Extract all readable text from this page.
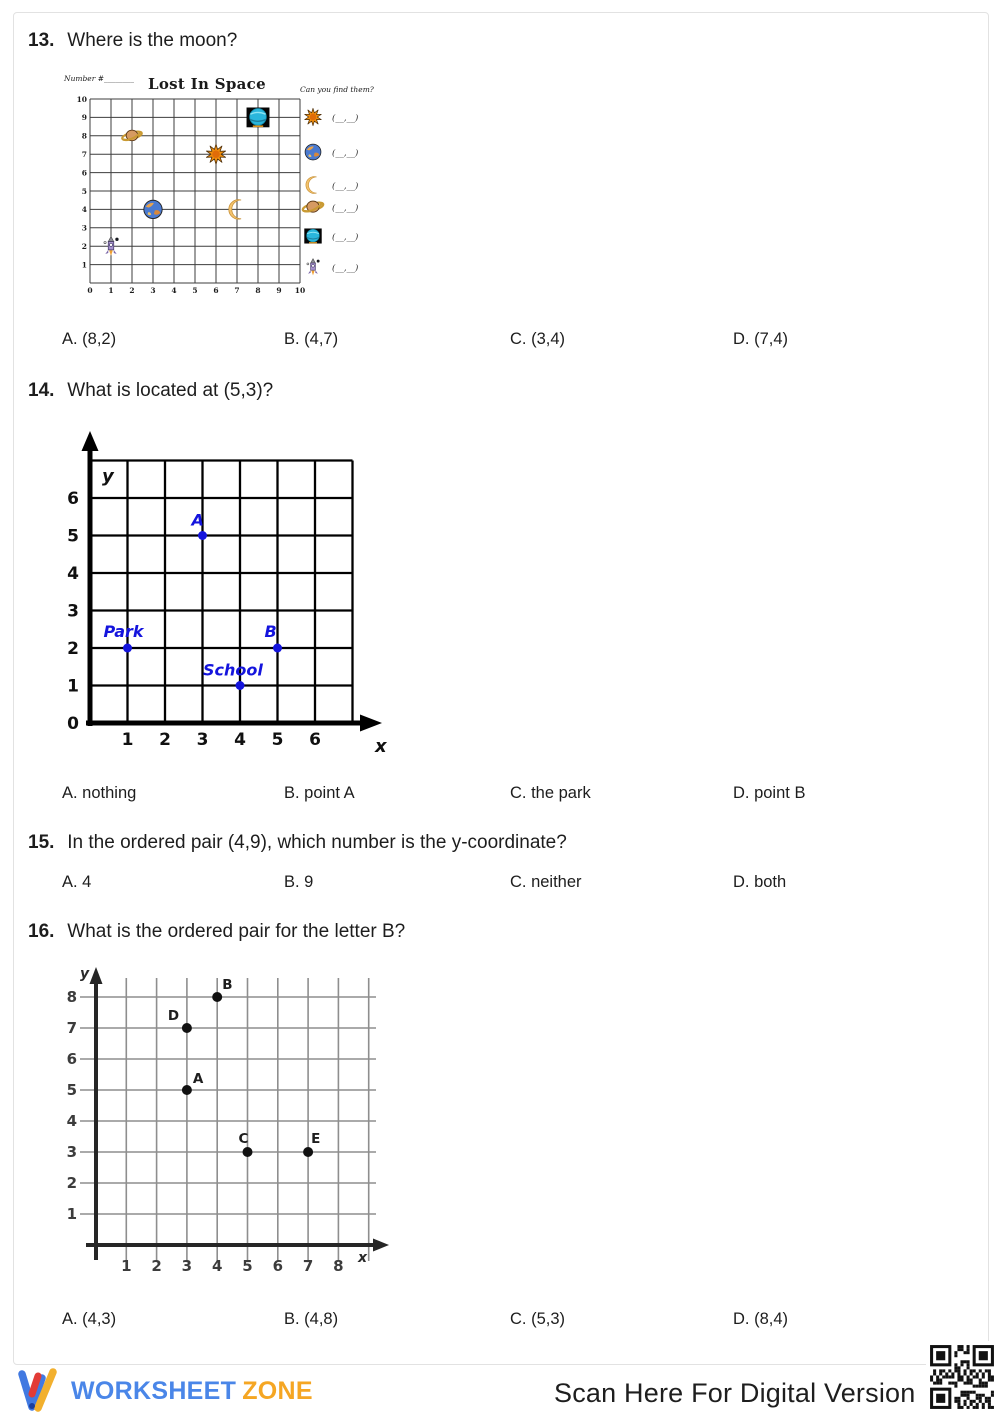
13. Where is the moon?
1
2
3
4
5
6
7
8
9
10
0 1 2 3 4 5 6 7 8 9 10
(__,__)
(__,__)
(__,__)
(__,__)
(__,__)
(__,__)
Number #________ Lost In Space	Can you find them?
A. (8,2)	B. (4,7)	C. (3,4)	D. (7,4)
14. What is located at (5,3)?
0
1
2
3
4
5
6
1 2 3 4 5 6
y
x
A
Park	B
School
A. nothing	B. point A	C. the park	D. point B
15. In the ordered pair (4,9), which number is the y-coordinate?
A. 4	B. 9	C. neither	D. both
16. What is the ordered pair for the letter B?
1
2
3
4
5
6
7
8
1 2 3 4 5 6 7 8
y
x
B
D
A
C	E
A. (4,3)	B. (4,8)	C. (5,3)	D. (8,4)
WORKSHEET ZONE	Scan Here For Digital Version
